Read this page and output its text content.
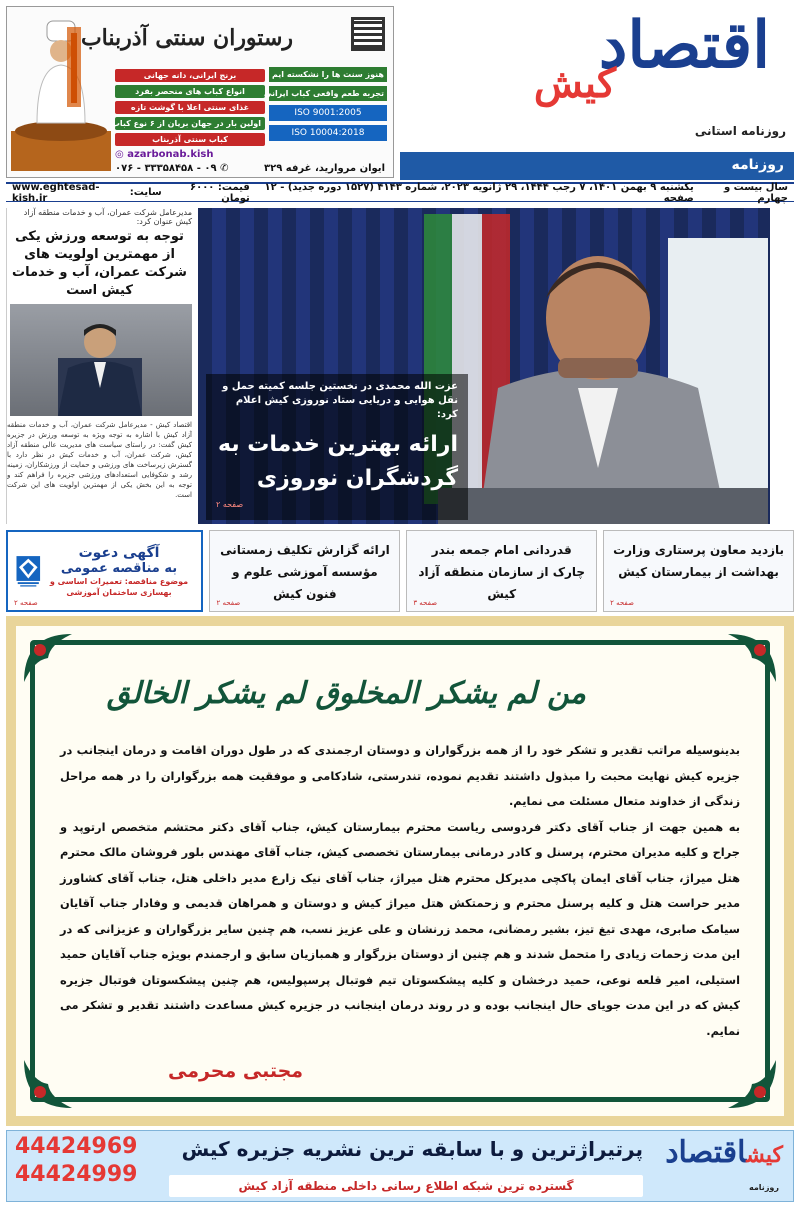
رستوران سنتی آذربناب
برنج ایرانی، دانه جهانی
انواع کباب های منحصر بفرد
غذای سنتی اعلا با گوشت تازه
اولین بار در جهان بریان از ۶ نوع کباب
کباب سنتی آذربناب
هنوز سنت ها را نشکسته ایم
تجربه طعم واقعی کباب ایرانی
ISO 9001:2005
ISO 10004:2018
◎ azarbonab.kish
✆ ۰۹ - ۳۳۳۵۸۴۵۸ - ۰۷۶	ایوان مرواريد، غرفه ۳۲۹
اقتصاد
کیش
روزنامه استانی
روزنامه
سال بیست و چهارم
یکشنبه ۹ بهمن ۱۴۰۱، ۷ رجب ۱۴۴۴، ۲۹ ژانویه ۲۰۲۳، شماره ۴۱۴۳ (۱۵۲۷ دوره جدید) - ۱۲ صفحه
قیمت: ۶۰۰۰ تومان
سایت:
www.eghtesad-kish.ir
مدیرعامل شرکت عمران، آب و خدمات منطقه آزاد کیش عنوان کرد:
توجه به توسعه ورزش یکی از مهمترین اولویت های شرکت عمران، آب و خدمات کیش است
اقتصاد کیش - مدیرعامل شرکت عمران، آب و خدمات منطقه آزاد کیش با اشاره به توجه ویژه به توسعه ورزش در جزیره کیش گفت: در راستای سیاست های مدیریت عالی منطقه آزاد کیش، شرکت عمران، آب و خدمات کیش در نظر دارد با گسترش زیرساخت های ورزشی و حمایت از ورزشکاران، زمینه رشد و شکوفایی استعدادهای ورزشی جزیره را فراهم کند و توجه به این بخش یکی از مهمترین اولویت های این شرکت است.
عزت الله محمدی در نخستین جلسه کمیته حمل و نقل هوایی و دریایی ستاد نوروزی کیش اعلام کرد:
ارائه بهترین خدمات به گردشگران نوروزی
صفحه ۲
بازدید معاون پرستاری وزارت بهداشت از بیمارستان کیش
صفحه ۲
قدردانی امام جمعه بندر چارک از سازمان منطقه آزاد کیش
صفحه ۳
ارائه گزارش تکلیف زمستانی مؤسسه آموزشی علوم و فنون کیش
صفحه ۲
آگهی دعوت
به مناقصه عمومی
موضوع مناقصه: تعمیرات اساسی و بهسازی ساختمان آموزشی
صفحه ۲
من لم یشکر المخلوق لم یشکر الخالق

بدینوسیله مراتب تقدیر و تشکر خود را از همه بزرگواران و دوستان ارجمندی که در طول دوران اقامت و درمان اینجانب در جزیره کیش نهایت محبت را مبذول داشتند تقدیم نموده، تندرستی، شادکامی و موفقیت همه بزرگواران را در همه مراحل زندگی از خداوند متعال مسئلت می نمایم.

به همین جهت از جناب آقای دکتر فردوسی ریاست محترم بیمارستان کیش، جناب آقای دکتر محتشم متخصص ارتوپد و جراح و کلیه مدیران محترم، پرسنل و کادر درمانی بیمارستان تخصصی کیش، جناب آقای مهندس بلور فروشان مالک محترم هتل میراژ، جناب آقای ایمان پاکچی مدیرکل محترم هتل میراژ، جناب آقای نیک زارع مدیر داخلی هتل، جناب آقای کشاورز مدیر حراست هتل و کلیه پرسنل محترم و زحمتکش هتل میراژ کیش و دوستان و همراهان قدیمی و وفادار جناب آقایان سیامک صابری، مهدی تیغ تیز، بشیر رمضانی، محمد زرنشان و علی عزیز نسب، هم چنین سایر بزرگواران و عزیزانی که در این مدت زحمات زیادی را متحمل شدند و هم چنین از دوستان بزرگوار و همبازیان سابق و ارجمندم بویژه جناب آقایان حمید استیلی، امیر قلعه نوعی، حمید درخشان و کلیه پیشکسوتان تیم فوتبال پرسپولیس، هم چنین پیشکسوتان فوتبال جزیره کیش که در این مدت جویای حال اینجانب بوده و در روند درمان اینجانب در جزیره کیش مساعدت داشتند تقدیر و تشکر می نمایم.

مجتبی محرمی
کیشاقتصاد
روزنامه
پرتیراژترین و با سابقه ترین نشریه جزیره کیش
گسترده ترین شبکه اطلاع رسانی داخلی منطقه آزاد کیش
44424969
44424999
